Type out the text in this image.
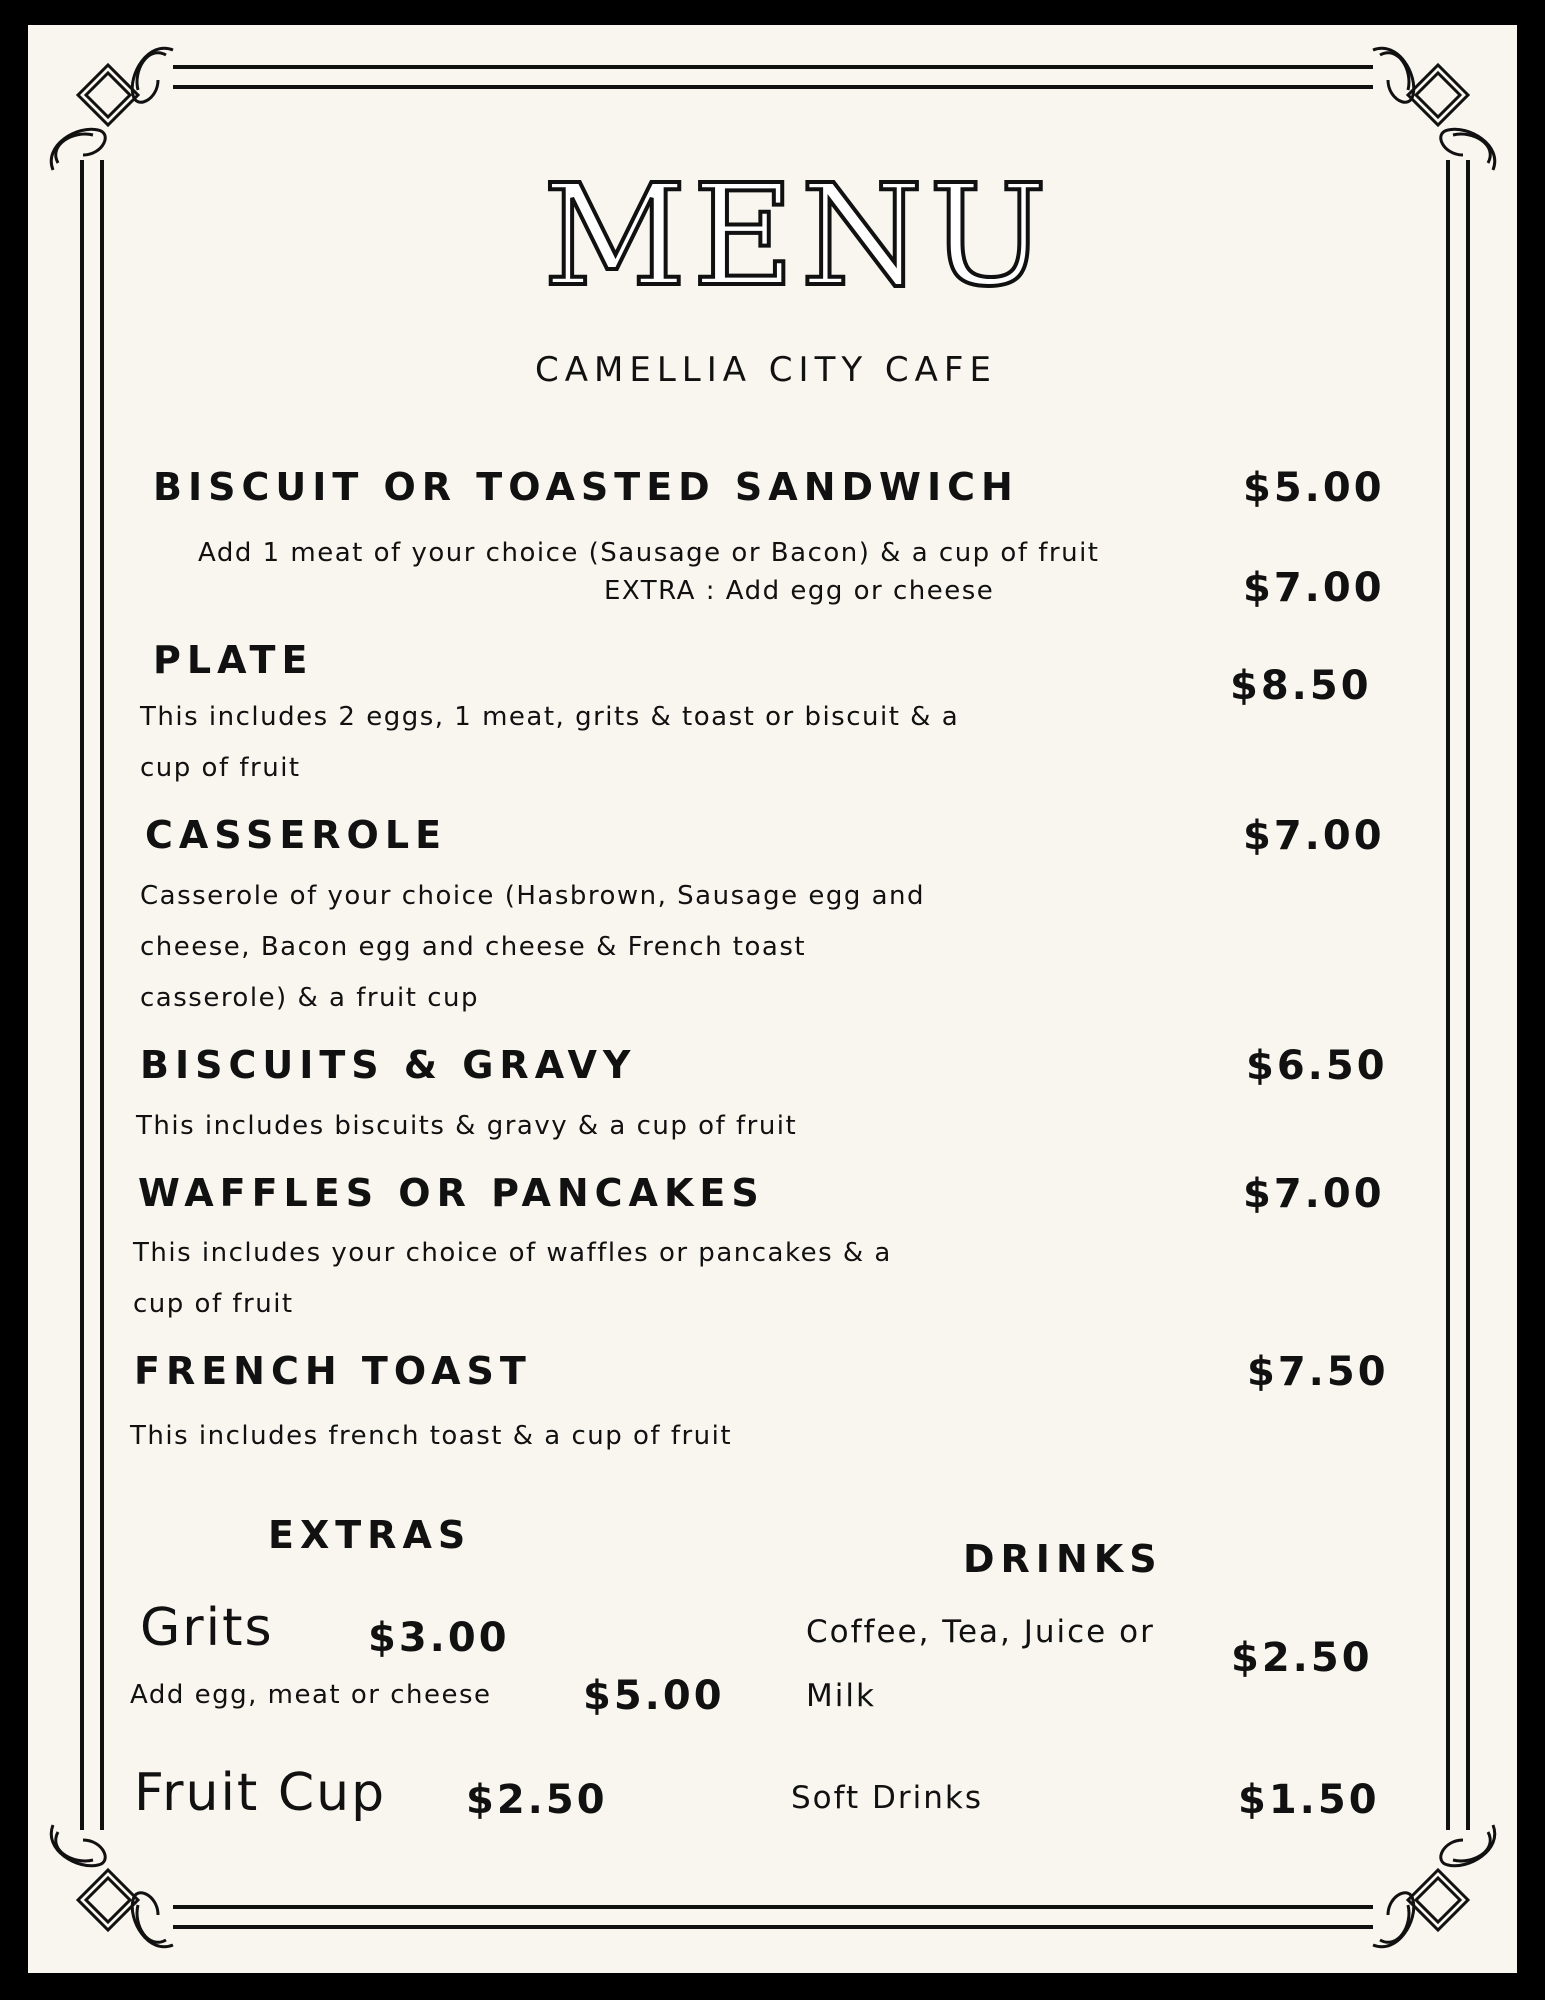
MENU
CAMELLIA CITY CAFE
BISCUIT OR TOASTED SANDWICH	$5.00
Add 1 meat of your choice (Sausage or Bacon) & a cup of fruit
EXTRA : Add egg or cheese	$7.00
PLATE
$8.50
This includes 2 eggs, 1 meat, grits & toast or biscuit & a
cup of fruit
CASSEROLE	$7.00
Casserole of your choice (Hasbrown, Sausage egg and
cheese, Bacon egg and cheese & French toast
casserole) & a fruit cup
BISCUITS & GRAVY	$6.50
This includes biscuits & gravy & a cup of fruit
WAFFLES OR PANCAKES	$7.00
This includes your choice of waffles or pancakes & a
cup of fruit
FRENCH TOAST	$7.50
This includes french toast & a cup of fruit
EXTRAS
Grits $3.00
Add egg, meat or cheese $5.00
Fruit Cup $2.50
DRINKS
Coffee, Tea, Juice or
Milk
$2.50
Soft Drinks	$1.50
